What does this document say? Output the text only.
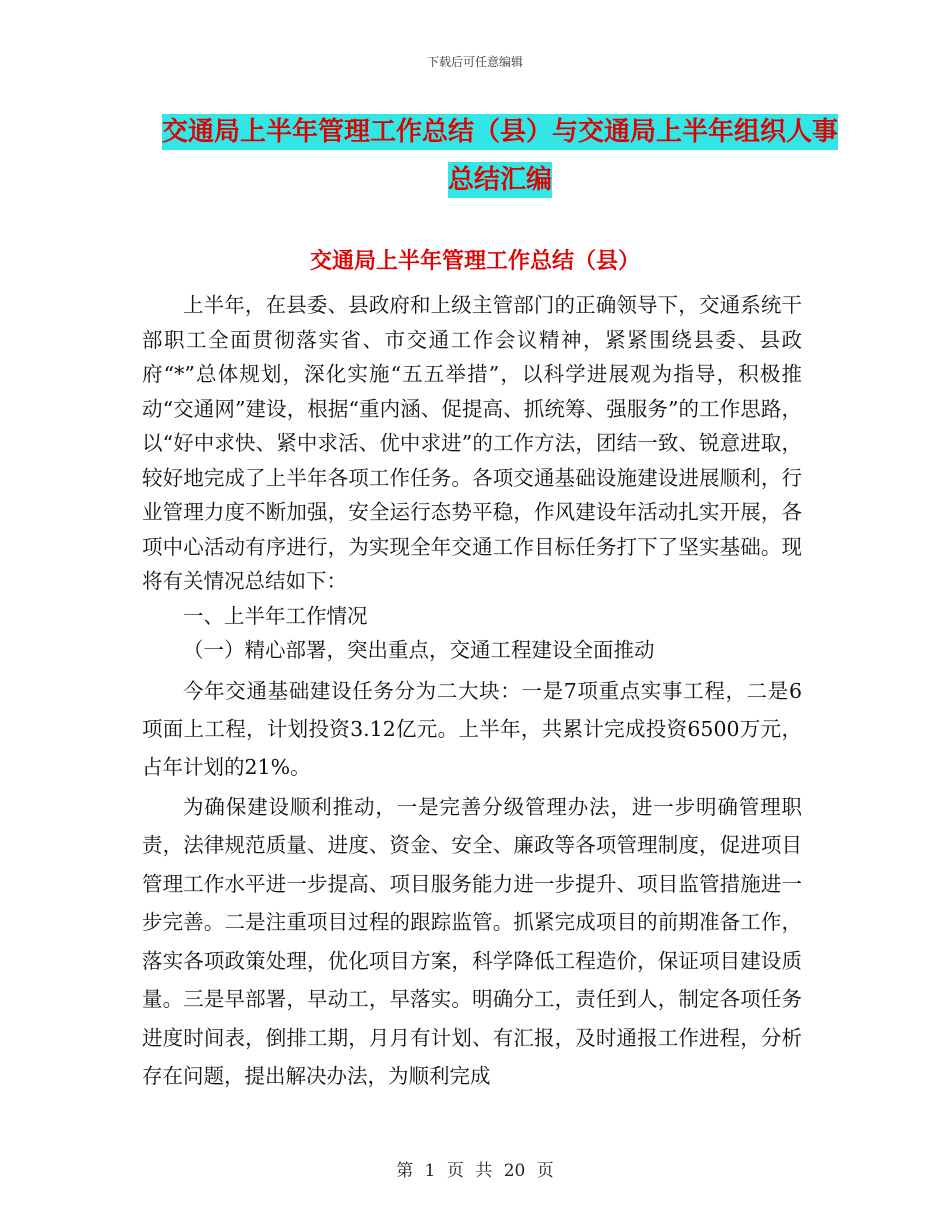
下载后可任意编辑
交通局上半年管理工作总结（县）与交通局上半年组织人事总结汇编
交通局上半年管理工作总结（县）

上半年，在县委、县政府和上级主管部门的正确领导下，交通系统干部职工全面贯彻落实省、市交通工作会议精神，紧紧围绕县委、县政府“*”总体规划，深化实施“五五举措”，以科学进展观为指导，积极推动“交通网”建设，根据“重内涵、促提高、抓统筹、强服务”的工作思路，以“好中求快、紧中求活、优中求进”的工作方法，团结一致、锐意进取，较好地完成了上半年各项工作任务。各项交通基础设施建设进展顺利，行业管理力度不断加强，安全运行态势平稳，作风建设年活动扎实开展，各项中心活动有序进行，为实现全年交通工作目标任务打下了坚实基础。现将有关情况总结如下：

一、上半年工作情况

（一）精心部署，突出重点，交通工程建设全面推动

今年交通基础建设任务分为二大块：一是7项重点实事工程，二是6项面上工程，计划投资3.12亿元。上半年，共累计完成投资6500万元，占年计划的21%。

为确保建设顺利推动，一是完善分级管理办法，进一步明确管理职责，法律规范质量、进度、资金、安全、廉政等各项管理制度，促进项目管理工作水平进一步提高、项目服务能力进一步提升、项目监管措施进一步完善。二是注重项目过程的跟踪监管。抓紧完成项目的前期准备工作，落实各项政策处理，优化项目方案，科学降低工程造价，保证项目建设质量。三是早部署，早动工，早落实。明确分工，责任到人，制定各项任务进度时间表，倒排工期，月月有计划、有汇报，及时通报工作进程，分析存在问题，提出解决办法，为顺利完成

第 1 页 共 20 页
